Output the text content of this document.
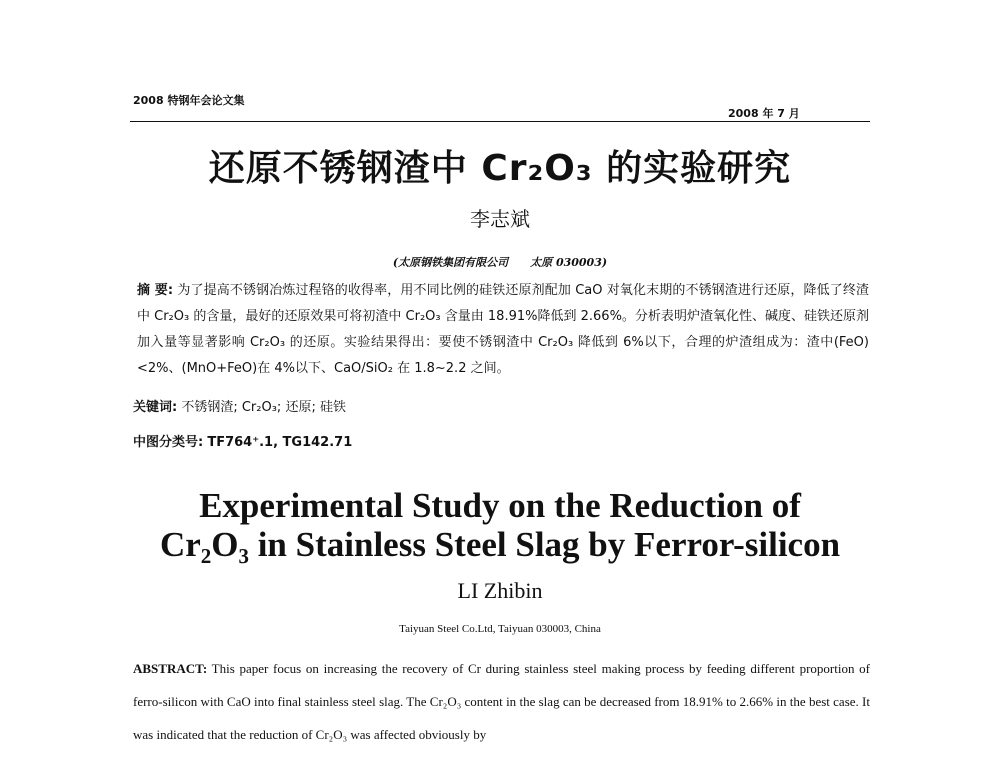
2008 特钢年会论文集
2008 年 7 月
还原不锈钢渣中 Cr₂O₃ 的实验研究
李志斌
(太原钢铁集团有限公司　　太原 030003)
摘 要: 为了提高不锈钢冶炼过程铬的收得率，用不同比例的硅铁还原剂配加 CaO 对氧化末期的不锈钢渣进行还原，降低了终渣中 Cr₂O₃ 的含量，最好的还原效果可将初渣中 Cr₂O₃ 含量由 18.91%降低到 2.66%。分析表明炉渣氧化性、碱度、硅铁还原剂加入量等显著影响 Cr₂O₃ 的还原。实验结果得出：要使不锈钢渣中 Cr₂O₃ 降低到 6%以下，合理的炉渣组成为：渣中(FeO)<2%、(MnO+FeO)在 4%以下、CaO/SiO₂ 在 1.8~2.2 之间。
关键词: 不锈钢渣; Cr₂O₃; 还原; 硅铁
中图分类号: TF764⁺.1, TG142.71
Experimental Study on the Reduction of
Cr₂O₃ in Stainless Steel Slag by Ferror-silicon
LI Zhibin
Taiyuan Steel Co.Ltd, Taiyuan 030003, China
ABSTRACT: This paper focus on increasing the recovery of Cr during stainless steel making process by feeding different proportion of ferro-silicon with CaO into final stainless steel slag. The Cr₂O₃ content in the slag can be decreased from 18.91% to 2.66% in the best case. It was indicated that the reduction of Cr₂O₃ was affected obviously by
